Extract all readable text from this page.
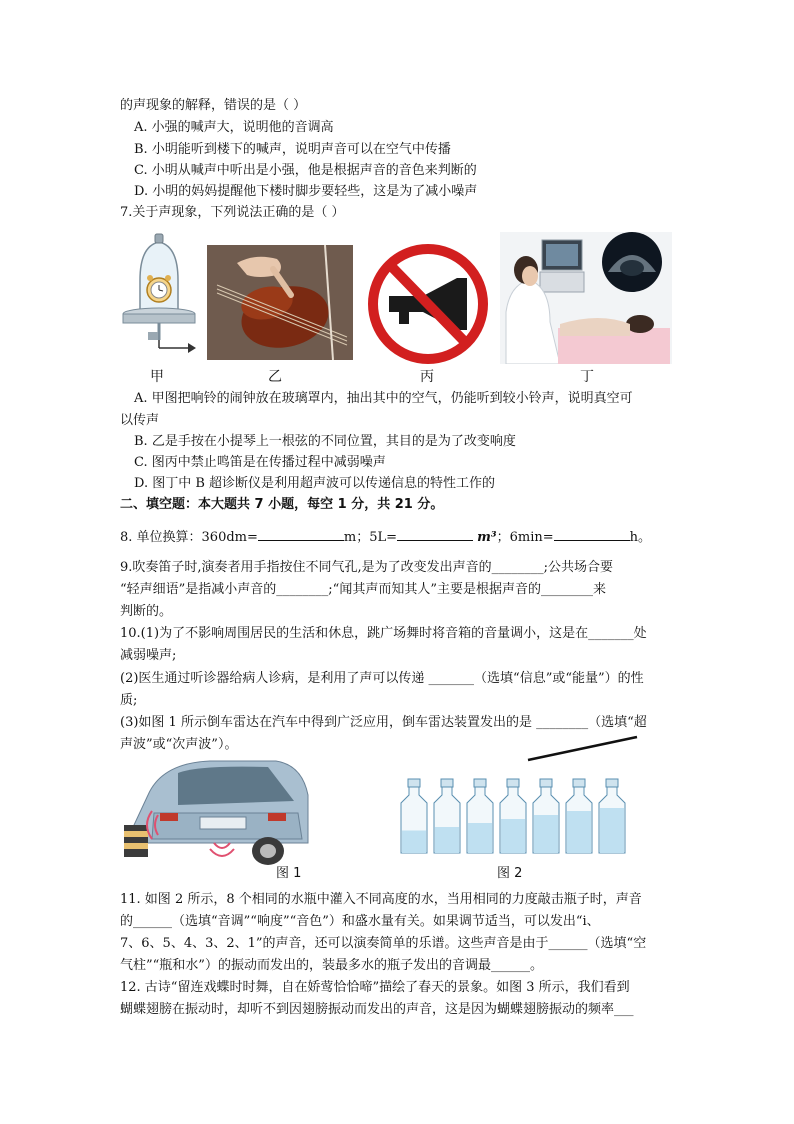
的声现象的解释，错误的是（ ）
A. 小强的喊声大，说明他的音调高
B. 小明能听到楼下的喊声，说明声音可以在空气中传播
C. 小明从喊声中听出是小强，他是根据声音的音色来判断的
D. 小明的妈妈提醒他下楼时脚步要轻些，这是为了减小噪声
7.关于声现象，下列说法正确的是（ ）
甲	乙	丙	丁
A. 甲图把响铃的闹钟放在玻璃罩内，抽出其中的空气，仍能听到较小铃声，说明真空可
以传声
B. 乙是手按在小提琴上一根弦的不同位置，其目的是为了改变响度
C. 图丙中禁止鸣笛是在传播过程中减弱噪声
D. 图丁中 B 超诊断仪是利用超声波可以传递信息的特性工作的
二、填空题：本大题共 7 小题，每空 1 分，共 21 分。
8. 单位换算：360dm=	m；5L=	m³；6min=	h。
9.吹奏笛子时,演奏者用手指按住不同气孔,是为了改变发出声音的________;公共场合要
“轻声细语”是指减小声音的________;“闻其声而知其人”主要是根据声音的________来
判断的。
10.(1)为了不影响周围居民的生活和休息，跳广场舞时将音箱的音量调小，这是在_______处
减弱噪声;
(2)医生通过听诊器给病人诊病，是利用了声可以传递 _______（选填“信息”或“能量”）的性
质;
(3)如图 1 所示倒车雷达在汽车中得到广泛应用，倒车雷达装置发出的是 ________（选填“超
声波”或“次声波”）。
图 1	图 2
11. 如图 2 所示，8 个相同的水瓶中灌入不同高度的水，当用相同的力度敲击瓶子时，声音
的______（选填“音调”“响度”“音色”）和盛水量有关。如果调节适当，可以发出“i、
7、6、5、4、3、2、1”的声音，还可以演奏简单的乐谱。这些声音是由于______（选填“空
气柱”“瓶和水”）的振动而发出的，装最多水的瓶子发出的音调最______。
12. 古诗“留连戏蝶时时舞，自在娇莺恰恰啼”描绘了春天的景象。如图 3 所示，我们看到
蝴蝶翅膀在振动时，却听不到因翅膀振动而发出的声音，这是因为蝴蝶翅膀振动的频率___
